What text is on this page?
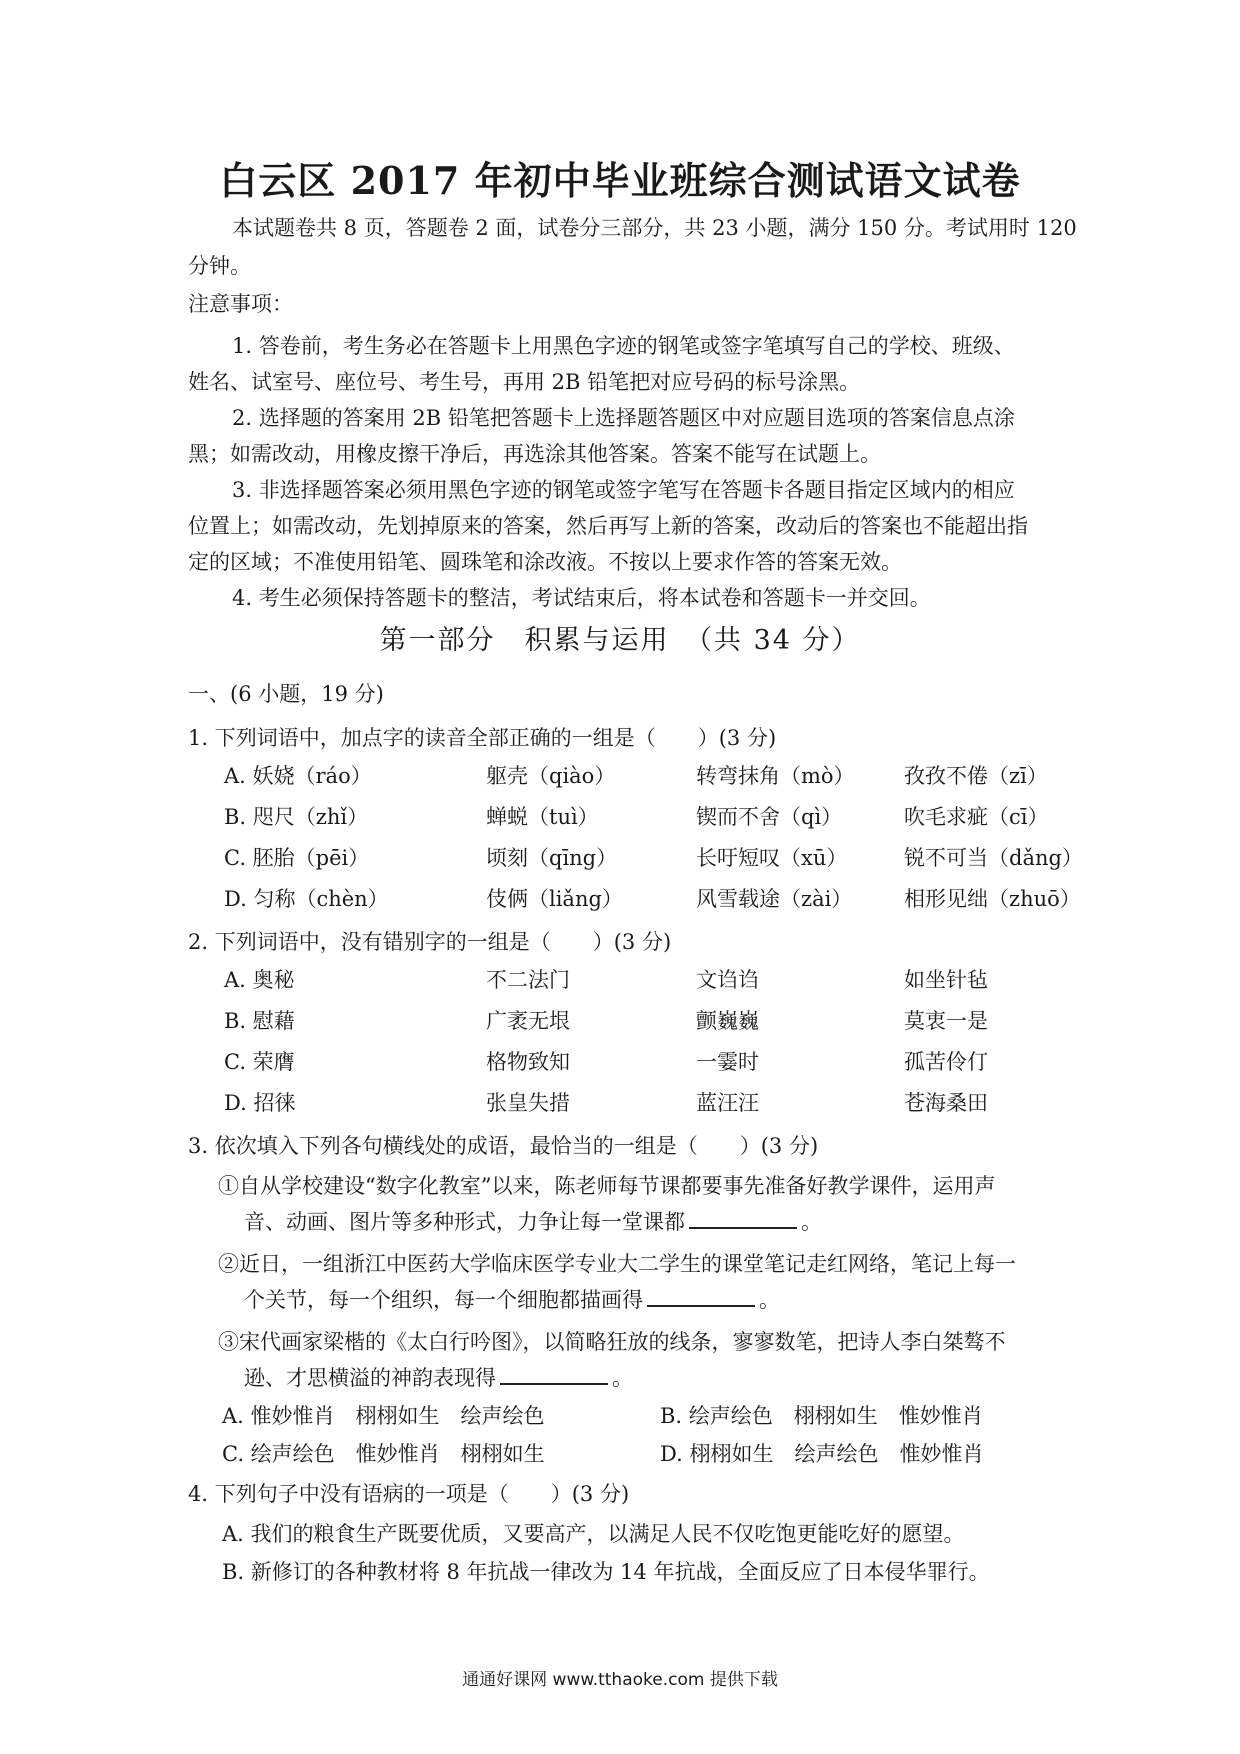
白云区 2017 年初中毕业班综合测试语文试卷
本试题卷共 8 页，答题卷 2 面，试卷分三部分，共 23 小题，满分 150 分。考试用时 120
分钟。
注意事项：
1. 答卷前，考生务必在答题卡上用黑色字迹的钢笔或签字笔填写自己的学校、班级、
姓名、试室号、座位号、考生号，再用 2B 铅笔把对应号码的标号涂黑。
2. 选择题的答案用 2B 铅笔把答题卡上选择题答题区中对应题目选项的答案信息点涂
黑；如需改动，用橡皮擦干净后，再选涂其他答案。答案不能写在试题上。
3. 非选择题答案必须用黑色字迹的钢笔或签字笔写在答题卡各题目指定区域内的相应
位置上；如需改动，先划掉原来的答案，然后再写上新的答案，改动后的答案也不能超出指
定的区域；不准使用铅笔、圆珠笔和涂改液。不按以上要求作答的答案无效。
4. 考生必须保持答题卡的整洁，考试结束后，将本试卷和答题卡一并交回。
第一部分　积累与运用　（共 34 分）
一、(6 小题，19 分)
1. 下列词语中，加点字的读音全部正确的一组是（　　）(3 分)
A. 妖娆（ráo）	躯壳（qiào）	转弯抹角（mò） 孜孜不倦（zī）
B. 咫尺（zhǐ）	蝉蜕（tuì）	锲而不舍（qì）	吹毛求疵（cī）
C. 胚胎（pēi）	顷刻（qīng）	长吁短叹（xū）	锐不可当（dǎng）
D. 匀称（chèn）	伎俩（liǎng）	风雪载途（zài） 相形见绌（zhuō）
2. 下列词语中，没有错别字的一组是（　　）(3 分)
A. 奥秘	不二法门	文诌诌	如坐针毡
B. 慰藉	广袤无垠	颤巍巍	莫衷一是
C. 荣膺	格物致知	一霎时	孤苦伶仃
D. 招徕	张皇失措	蓝汪汪	苍海桑田
3. 依次填入下列各句横线处的成语，最恰当的一组是（　　）(3 分)
①自从学校建设“数字化教室”以来，陈老师每节课都要事先准备好教学课件，运用声
音、动画、图片等多种形式，力争让每一堂课都	。
②近日，一组浙江中医药大学临床医学专业大二学生的课堂笔记走红网络，笔记上每一
个关节，每一个组织，每一个细胞都描画得	。
③宋代画家梁楷的《太白行吟图》，以简略狂放的线条，寥寥数笔，把诗人李白桀骜不
逊、才思横溢的神韵表现得	。
A. 惟妙惟肖　栩栩如生　绘声绘色	B. 绘声绘色　栩栩如生　惟妙惟肖
C. 绘声绘色　惟妙惟肖　栩栩如生	D. 栩栩如生　绘声绘色　惟妙惟肖
4. 下列句子中没有语病的一项是（　　）(3 分)
A. 我们的粮食生产既要优质，又要高产，以满足人民不仅吃饱更能吃好的愿望。
B. 新修订的各种教材将 8 年抗战一律改为 14 年抗战，全面反应了日本侵华罪行。
通通好课网 www.tthaoke.com 提供下载
